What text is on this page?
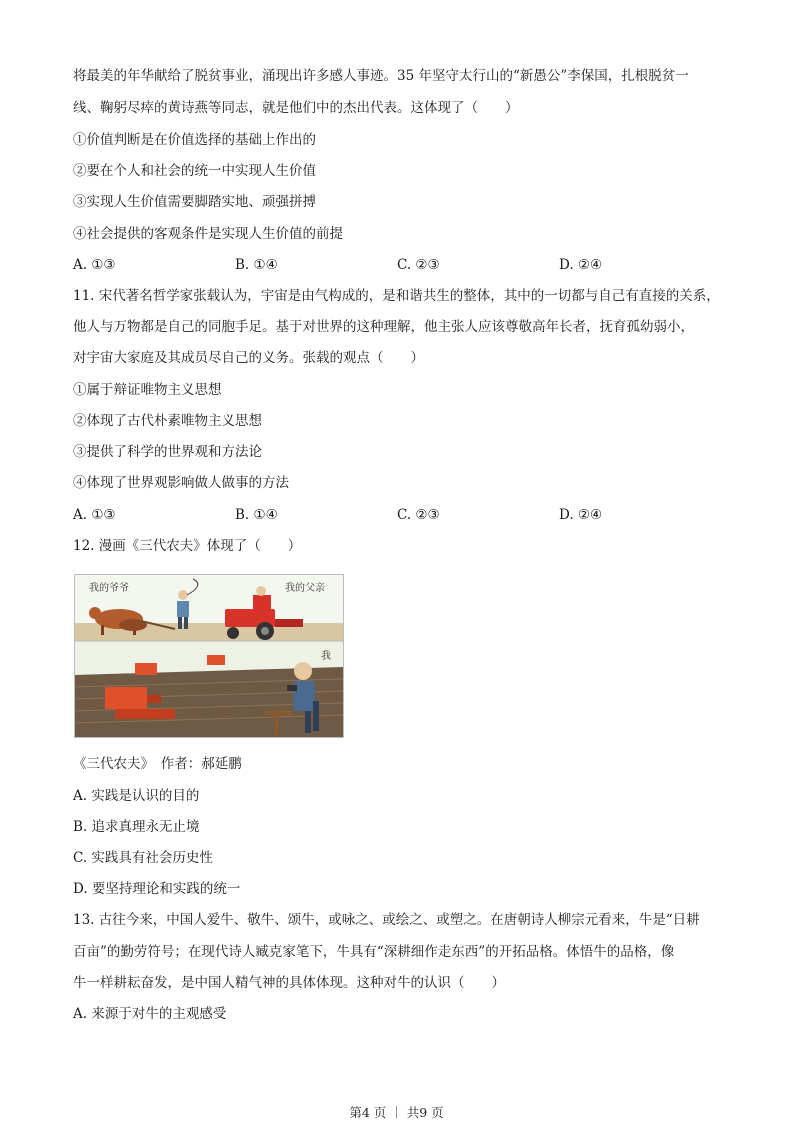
将最美的年华献给了脱贫事业，涌现出许多感人事迹。35 年坚守太行山的“新愚公”李保国，扎根脱贫一
线、鞠躬尽瘁的黄诗燕等同志，就是他们中的杰出代表。这体现了（　　）
①价值判断是在价值选择的基础上作出的
②要在个人和社会的统一中实现人生价值
③实现人生价值需要脚踏实地、顽强拼搏
④社会提供的客观条件是实现人生价值的前提
A. ①③	B. ①④	C. ②③	D. ②④
11. 宋代著名哲学家张载认为，宇宙是由气构成的，是和谐共生的整体，其中的一切都与自己有直接的关系，
他人与万物都是自己的同胞手足。基于对世界的这种理解，他主张人应该尊敬高年长者，抚育孤幼弱小，
对宇宙大家庭及其成员尽自己的义务。张载的观点（　　）
①属于辩证唯物主义思想
②体现了古代朴素唯物主义思想
③提供了科学的世界观和方法论
④体现了世界观影响做人做事的方法
A. ①③	B. ①④	C. ②③	D. ②④
12. 漫画《三代农夫》体现了（　　）
我的爷爷	我的父亲
我
《三代农夫》　作者：郝延鹏
A. 实践是认识的目的
B. 追求真理永无止境
C. 实践具有社会历史性
D. 要坚持理论和实践的统一
13. 古往今来，中国人爱牛、敬牛、颂牛，或咏之、或绘之、或塑之。在唐朝诗人柳宗元看来，牛是“日耕
百亩”的勤劳符号；在现代诗人臧克家笔下，牛具有“深耕细作走东西”的开拓品格。体悟牛的品格，像
牛一样耕耘奋发，是中国人精气神的具体体现。这种对牛的认识（　　）
A. 来源于对牛的主观感受
第4 页 ｜ 共9 页
